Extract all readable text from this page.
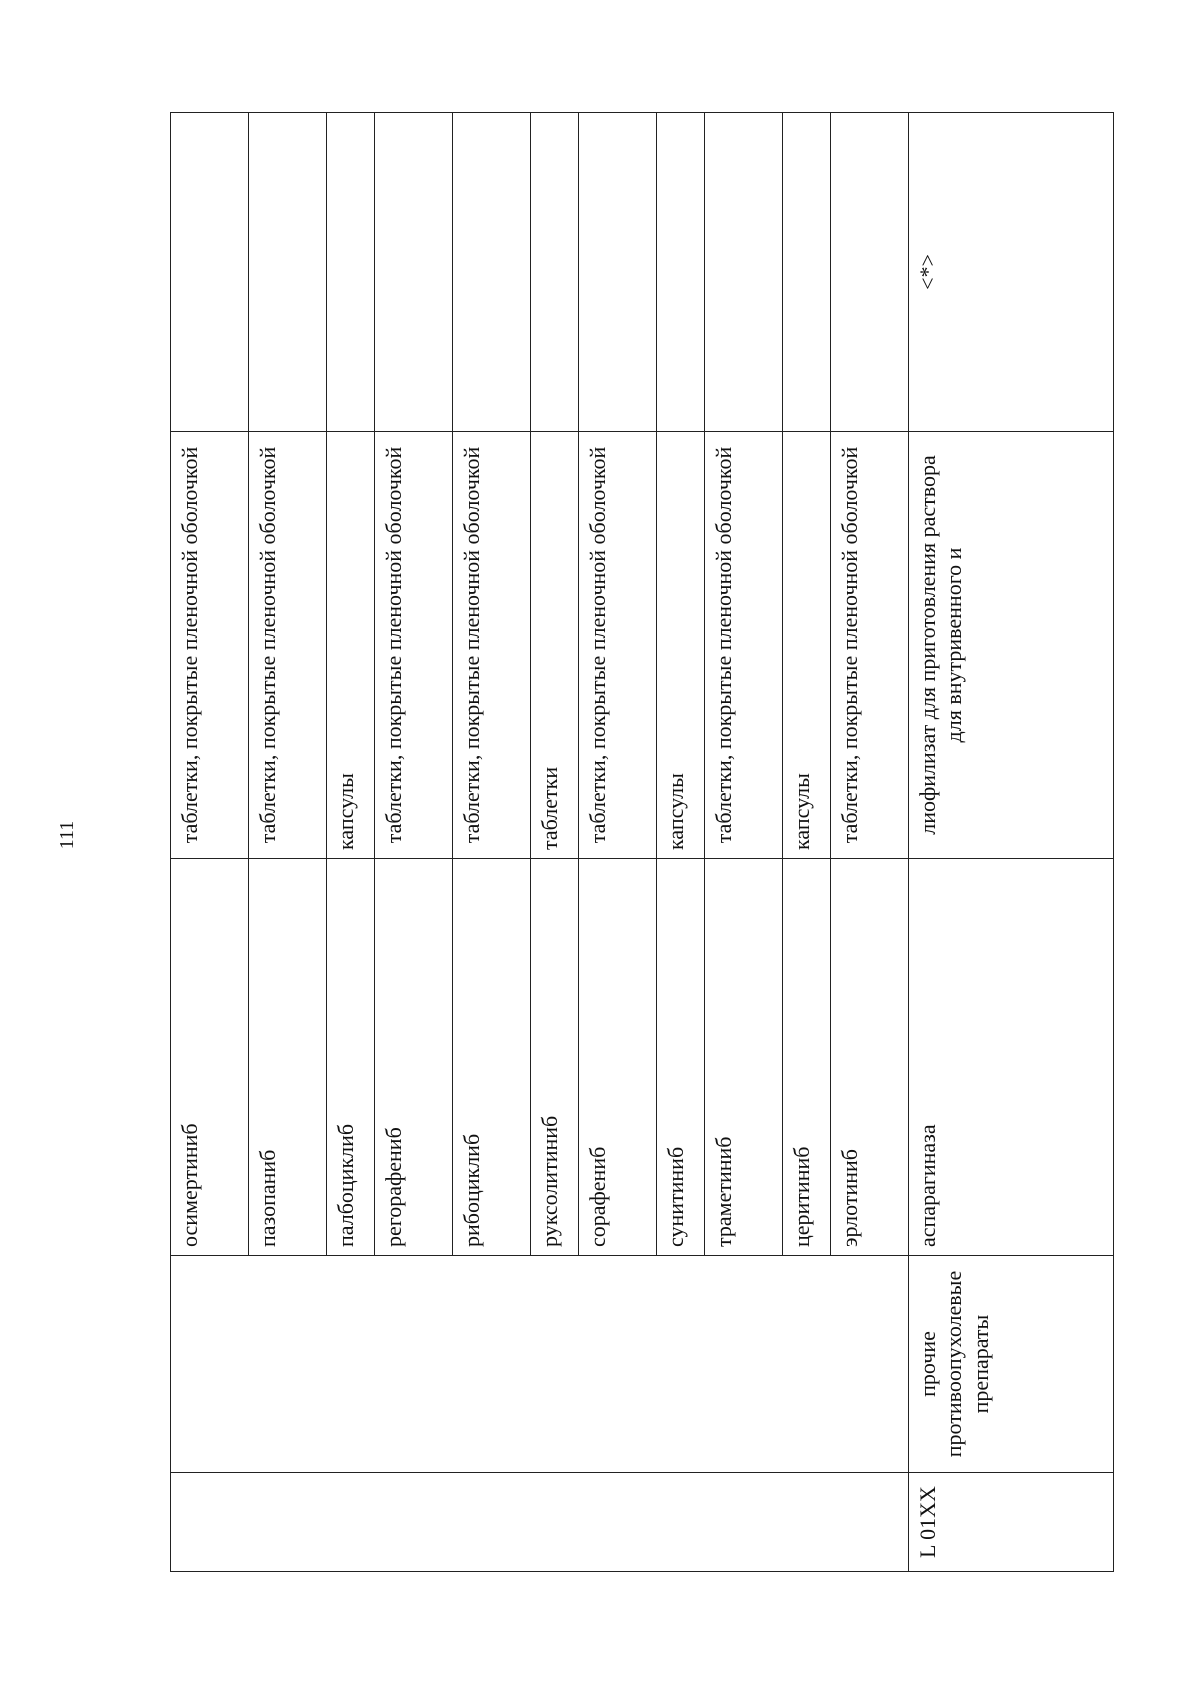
111
		осимертиниб	таблетки, покрытые пленочной оболочкой	
		пазопаниб	таблетки, покрытые пленочной оболочкой	
		палбоциклиб	капсулы	
		регорафениб	таблетки, покрытые пленочной оболочкой	
		рибоциклиб	таблетки, покрытые пленочной оболочкой	
		руксолитиниб	таблетки	
		сорафениб	таблетки, покрытые пленочной оболочкой	
		сунитиниб	капсулы	
		траметиниб	таблетки, покрытые пленочной оболочкой	
		церитиниб	капсулы	
		эрлотиниб	таблетки, покрытые пленочной оболочкой	
L 01XX	прочие противоопухолевые препараты	аспарагиназа	лиофилизат для приготовления раствора для внутривенного и	<*>
